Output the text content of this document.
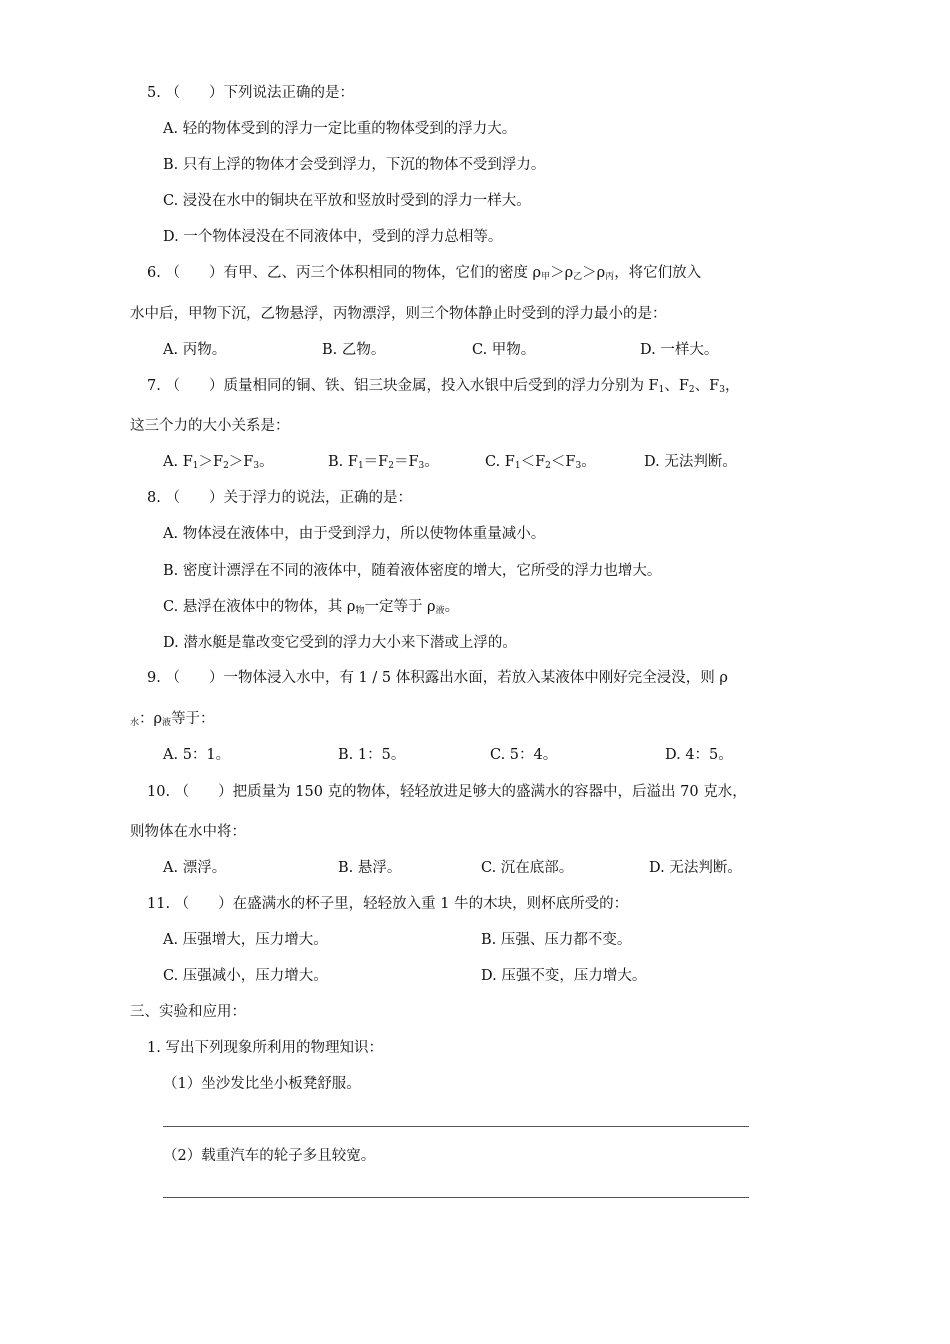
5. （　　）下列说法正确的是：
A. 轻的物体受到的浮力一定比重的物体受到的浮力大。
B. 只有上浮的物体才会受到浮力，下沉的物体不受到浮力。
C. 浸没在水中的铜块在平放和竖放时受到的浮力一样大。
D. 一个物体浸没在不同液体中，受到的浮力总相等。
6. （　　）有甲、乙、丙三个体积相同的物体，它们的密度 $\rho_甲>\rho_乙>\rho_丙$，将它们放入
水中后，甲物下沉，乙物悬浮，丙物漂浮，则三个物体静止时受到的浮力最小的是：
A. 丙物。	B. 乙物。	C. 甲物。	D. 一样大。
7. （　　）质量相同的铜、铁、铝三块金属，投入水银中后受到的浮力分别为 $F_1$、$F_2$、$F_3$，
这三个力的大小关系是：
A. $F_1>F_2>F_3$。	B. $F_1=F_2=F_3$。	C. $F_1<F_2<F_3$。	D. 无法判断。
8. （　　）关于浮力的说法，正确的是：
A. 物体浸在液体中，由于受到浮力，所以使物体重量减小。
B. 密度计漂浮在不同的液体中，随着液体密度的增大，它所受的浮力也增大。
C. 悬浮在液体中的物体，其 $\rho_物$一定等于 $\rho_液$。
D. 潜水艇是靠改变它受到的浮力大小来下潜或上浮的。
9. （　　）一物体浸入水中，有 1 / 5 体积露出水面，若放入某液体中刚好完全浸没，则 ρ
$_水$：$\rho_液$等于：
A. 5：1。	B. 1：5。	C. 5：4。	D. 4：5。
10. （　　）把质量为 150 克的物体，轻轻放进足够大的盛满水的容器中，后溢出 70 克水，
则物体在水中将：
A. 漂浮。	B. 悬浮。	C. 沉在底部。	D. 无法判断。
11. （　　）在盛满水的杯子里，轻轻放入重 1 牛的木块，则杯底所受的：
A. 压强增大，压力增大。	B. 压强、压力都不变。
C. 压强减小，压力增大。	D. 压强不变，压力增大。
三、实验和应用：
1. 写出下列现象所利用的物理知识：
（1）坐沙发比坐小板凳舒服。
（2）载重汽车的轮子多且较宽。
